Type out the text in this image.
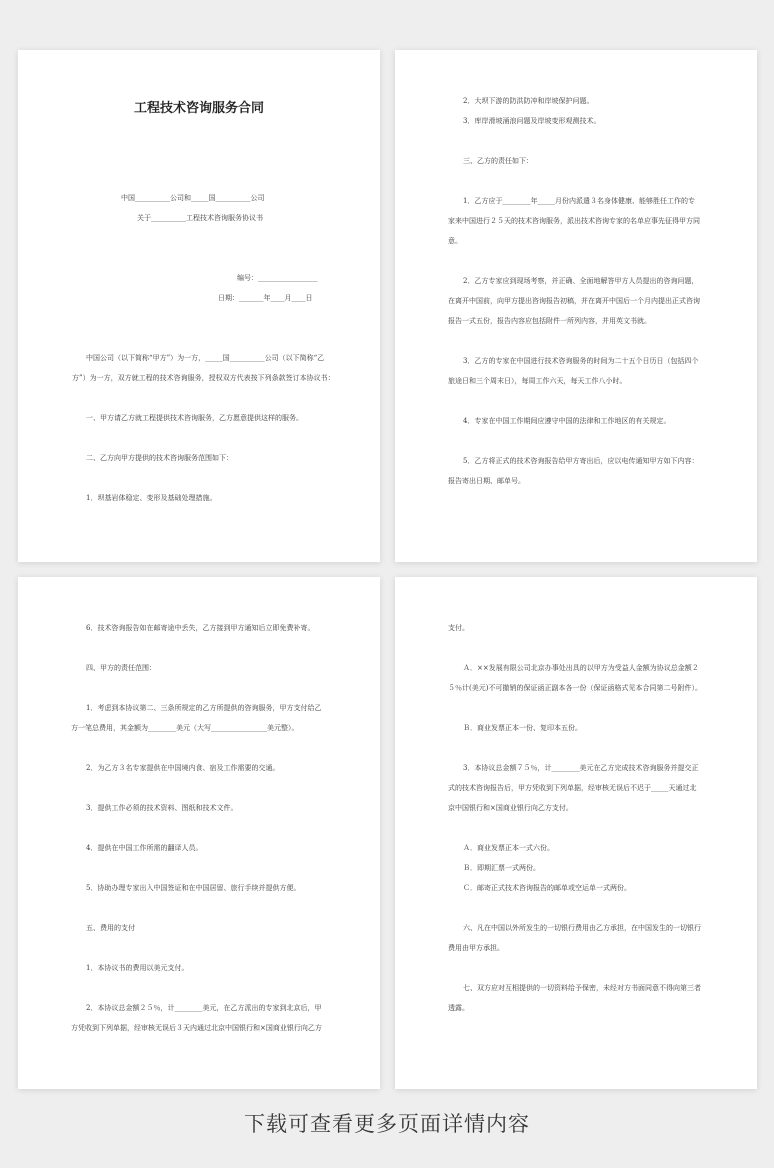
工程技术咨询服务合同
中国__________公司和_____国__________公司
关于__________工程技术咨询服务协议书
编号：_________________
日期：_______年____月____日
中国公司（以下简称“甲方”）为一方，_____国__________公司（以下简称“乙
方”）为一方，双方就工程的技术咨询服务，授权双方代表按下列条款签订本协议书：
一、甲方请乙方就工程提供技术咨询服务，乙方愿意提供这样的服务。
二、乙方向甲方提供的技术咨询服务范围如下：
1．坝基岩体稳定、变形及基础处理措施。
2．大坝下游的防洪防冲和岸坡保护问题。
3．库岸滑坡涌浪问题及岸坡变形观测技术。
三、乙方的责任如下：
1．乙方应于________年_____月份内派遣３名身体健康、能够胜任工作的专
家来中国进行２５天的技术咨询服务，派出技术咨询专家的名单应事先征得甲方同
意。
2．乙方专家应到现场考察，并正确、全面地解答甲方人员提出的咨询问题，
在离开中国前，向甲方提出咨询报告初稿，并在离开中国后一个月内提出正式咨询
报告一式五份，报告内容应包括附件一所列内容，并用英文书就。
3．乙方的专家在中国进行技术咨询服务的时间为二十五个日历日（包括四个
旅途日和三个周末日），每周工作六天，每天工作八小时。
4．专家在中国工作期间应遵守中国的法律和工作地区的有关规定。
5．乙方将正式的技术咨询报告给甲方寄出后，应以电传通知甲方如下内容：
报告寄出日期、邮单号。
6．技术咨询报告如在邮寄途中丢失，乙方接到甲方通知后立即免费补寄。
四、甲方的责任范围：
1．考虑到本协议第二、三条所规定的乙方所提供的咨询服务，甲方支付给乙
方一笔总费用，其金额为________美元（大写________________美元整）。
2．为乙方３名专家提供在中国境内食、宿及工作需要的交通。
3．提供工作必须的技术资料、图纸和技术文件。
4．提供在中国工作所需的翻译人员。
5．协助办理专家出入中国签证和在中国居留、旅行手续并提供方便。
五、费用的支付
1．本协议书的费用以美元支付。
2．本协议总金额２５％，计________美元，在乙方派出的专家到北京后，甲
方凭收到下列单据，经审核无误后３天内通过北京中国银行和×国商业银行向乙方
支付。
Ａ．××发展有限公司北京办事处出具的以甲方为受益人金额为协议总金额２
５％计(美元)不可撤销的保证函正副本各一份（保证函格式见本合同第二号附件）。
Ｂ．商业发票正本一份、复印本五份。
3．本协议总金额７５％，计________美元在乙方完成技术咨询服务并提交正
式的技术咨询报告后，甲方凭收到下列单据，经审核无误后不迟于_____天通过北
京中国银行和×国商业银行向乙方支付。
Ａ．商业发票正本一式六份。
Ｂ．即期汇票一式两份。
Ｃ．邮寄正式技术咨询报告的邮单或空运单一式两份。
六、凡在中国以外所发生的一切银行费用由乙方承担，在中国发生的一切银行
费用由甲方承担。
七、双方应对互相提供的一切资料给予保密，未经对方书面同意不得向第三者
透露。
下载可查看更多页面详情内容
